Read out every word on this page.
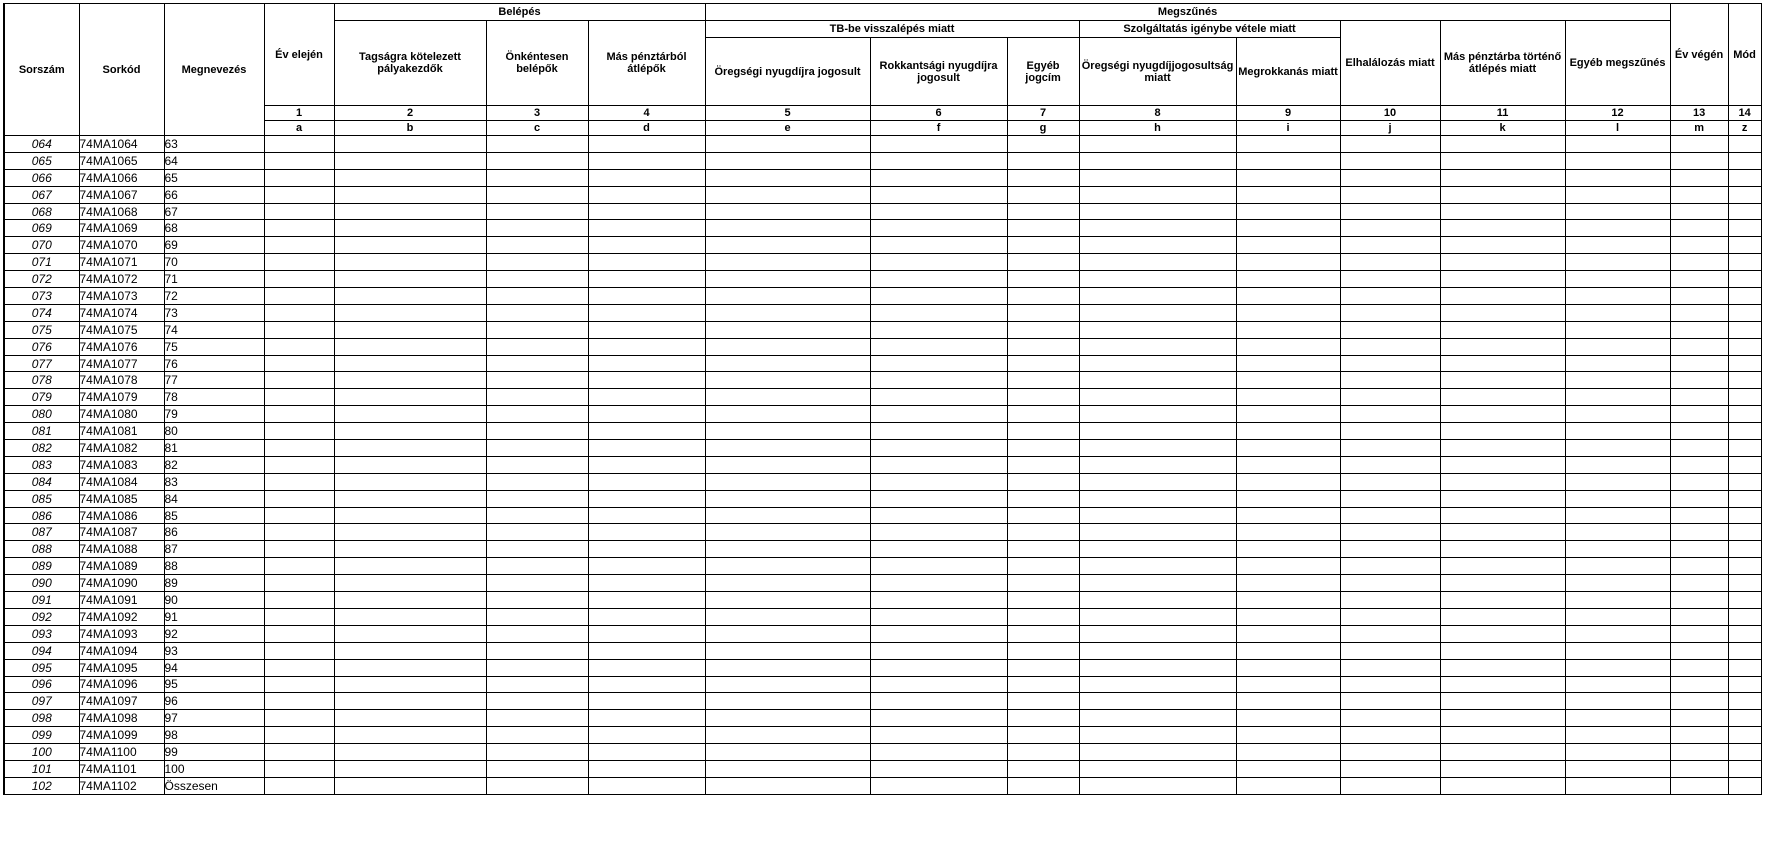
Sorszám	Sorkód	Megnevezés	Év elején	Belépés			Megszűnés								Év végén	Mód
				Tagságra kötelezett pályakezdők	Önkéntesen belépők	Más pénztárból átlépők	TB-be visszalépés miatt			Szolgáltatás igénybe vétele miatt		Elhalálozás miatt	Más pénztárba történő átlépés miatt	Egyéb megszűnés		
							Öregségi nyugdíjra jogosult	Rokkantsági nyugdíjra jogosult	Egyéb jogcím	Öregségi nyugdíjjogosultság miatt	Megrokkanás miatt					
			1	2	3	4	5	6	7	8	9	10	11	12	13	14
			a	b	c	d	e	f	g	h	i	j	k	l	m	z
064	74MA1064	63														
065	74MA1065	64														
066	74MA1066	65														
067	74MA1067	66														
068	74MA1068	67														
069	74MA1069	68														
070	74MA1070	69														
071	74MA1071	70														
072	74MA1072	71														
073	74MA1073	72														
074	74MA1074	73														
075	74MA1075	74														
076	74MA1076	75														
077	74MA1077	76														
078	74MA1078	77														
079	74MA1079	78														
080	74MA1080	79														
081	74MA1081	80														
082	74MA1082	81														
083	74MA1083	82														
084	74MA1084	83														
085	74MA1085	84														
086	74MA1086	85														
087	74MA1087	86														
088	74MA1088	87														
089	74MA1089	88														
090	74MA1090	89														
091	74MA1091	90														
092	74MA1092	91														
093	74MA1093	92														
094	74MA1094	93														
095	74MA1095	94														
096	74MA1096	95														
097	74MA1097	96														
098	74MA1098	97														
099	74MA1099	98														
100	74MA1100	99														
101	74MA1101	100														
102	74MA1102	Összesen														
